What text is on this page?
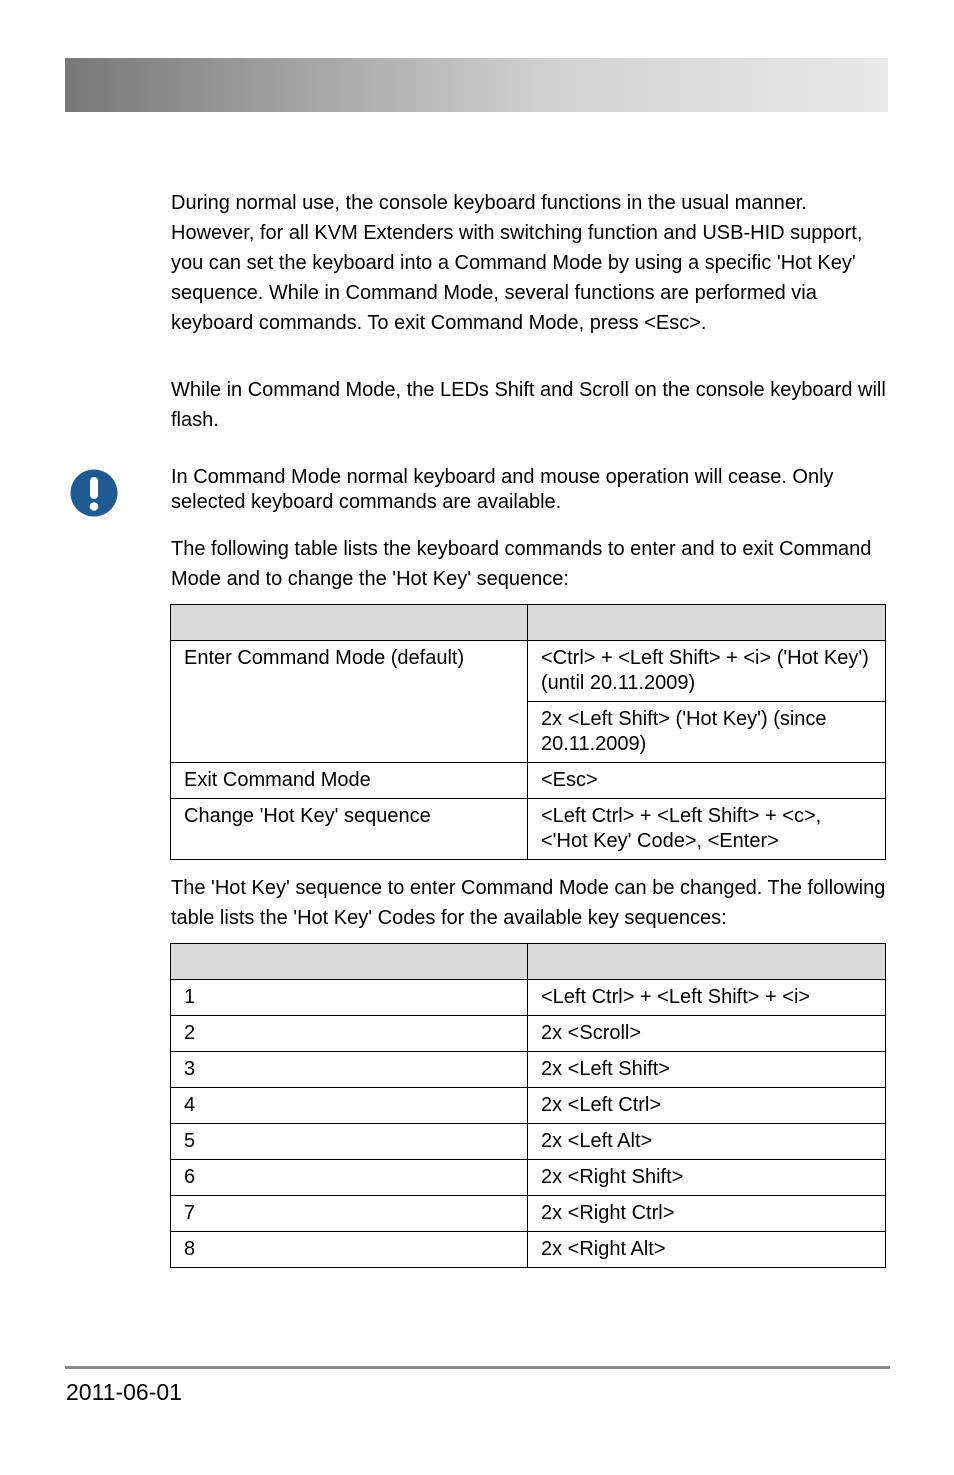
During normal use, the console keyboard functions in the usual manner. However, for all KVM Extenders with switching function and USB-HID support, you can set the keyboard into a Command Mode by using a specific 'Hot Key' sequence. While in Command Mode, several functions are performed via keyboard commands. To exit Command Mode, press <Esc>.

While in Command Mode, the LEDs Shift and Scroll on the console keyboard will flash.

In Command Mode normal keyboard and mouse operation will cease. Only selected keyboard commands are available.

The following table lists the keyboard commands to enter and to exit Command Mode and to change the 'Hot Key' sequence:

Enter Command Mode (default)	<Ctrl> + <Left Shift> + <i> ('Hot Key') (until 20.11.2009)
	2x <Left Shift> ('Hot Key') (since 20.11.2009)
Exit Command Mode	<Esc>
Change 'Hot Key' sequence	<Left Ctrl> + <Left Shift> + <c>, <'Hot Key' Code>, <Enter>

The 'Hot Key' sequence to enter Command Mode can be changed. The following table lists the 'Hot Key' Codes for the available key sequences:

1	<Left Ctrl> + <Left Shift> + <i>
2	2x <Scroll>
3	2x <Left Shift>
4	2x <Left Ctrl>
5	2x <Left Alt>
6	2x <Right Shift>
7	2x <Right Ctrl>
8	2x <Right Alt>
2011-06-01
